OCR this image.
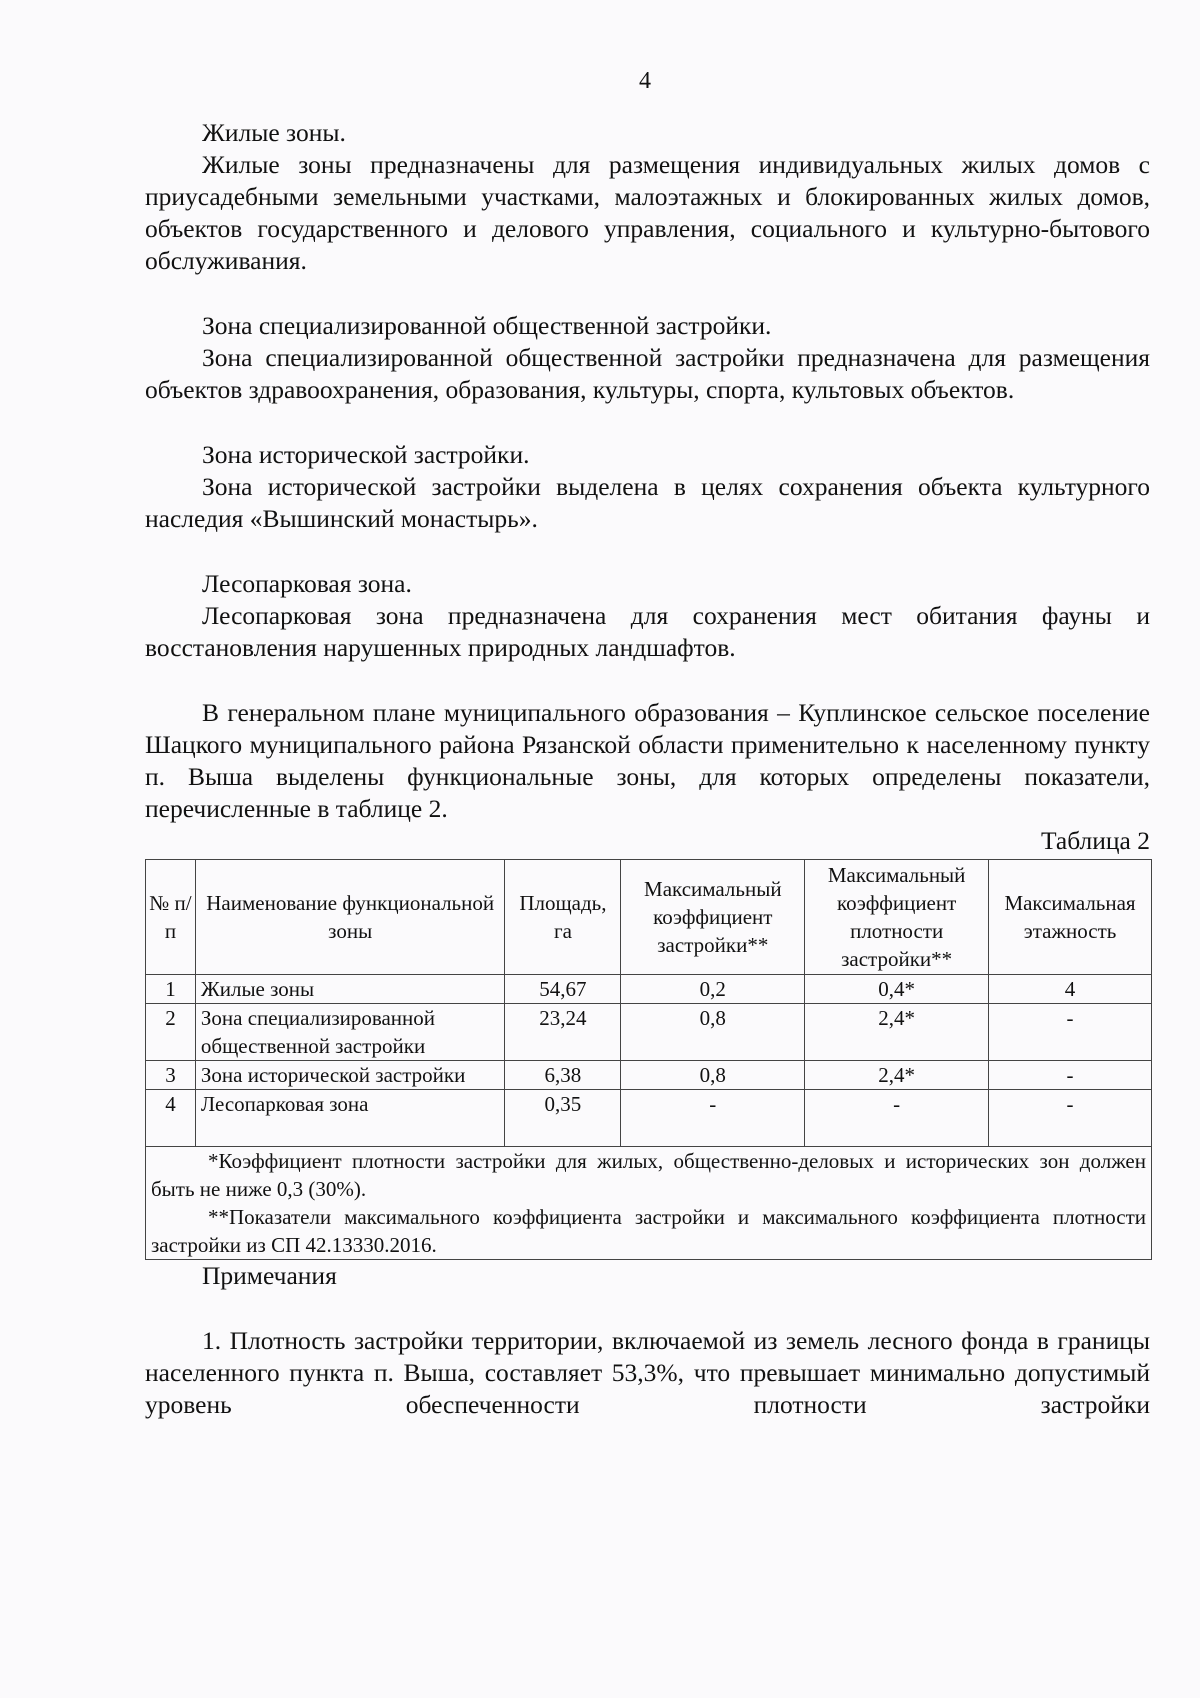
4

Жилые зоны.

Жилые зоны предназначены для размещения индивидуальных жилых домов с приусадебными земельными участками, малоэтажных и блокированных жилых домов, объектов государственного и делового управления, социального и культурно-бытового обслуживания.

Зона специализированной общественной застройки.

Зона специализированной общественной застройки предназначена для размещения объектов здравоохранения, образования, культуры, спорта, культовых объектов.

Зона исторической застройки.

Зона исторической застройки выделена в целях сохранения объекта культурного наследия «Вышинский монастырь».

Лесопарковая зона.

Лесопарковая зона предназначена для сохранения мест обитания фауны и восстановления нарушенных природных ландшафтов.

В генеральном плане муниципального образования – Куплинское сельское поселение Шацкого муниципального района Рязанской области применительно к населенному пункту п. Выша выделены функциональные зоны, для которых определены показатели, перечисленные в таблице 2.

Таблица 2

№ п/п	Наименование функциональной зоны	Площадь, га	Максимальный коэффициент застройки**	Максимальный коэффициент плотности застройки**	Максимальная этажность
1	Жилые зоны	54,67	0,2	0,4*	4
2	Зона специализированной общественной застройки	23,24	0,8	2,4*	-
3	Зона исторической застройки	6,38	0,8	2,4*	-
4	Лесопарковая зона	0,35	-	-	-

*Коэффициент плотности застройки для жилых, общественно-деловых и исторических зон должен быть не ниже 0,3 (30%).

**Показатели максимального коэффициента застройки и максимального коэффициента плотности застройки из СП 42.13330.2016.					

Примечания

1. Плотность застройки территории, включаемой из земель лесного фонда в границы населенного пункта п. Выша, составляет 53,3%, что превышает минимально допустимый уровень обеспеченности плотности застройки
